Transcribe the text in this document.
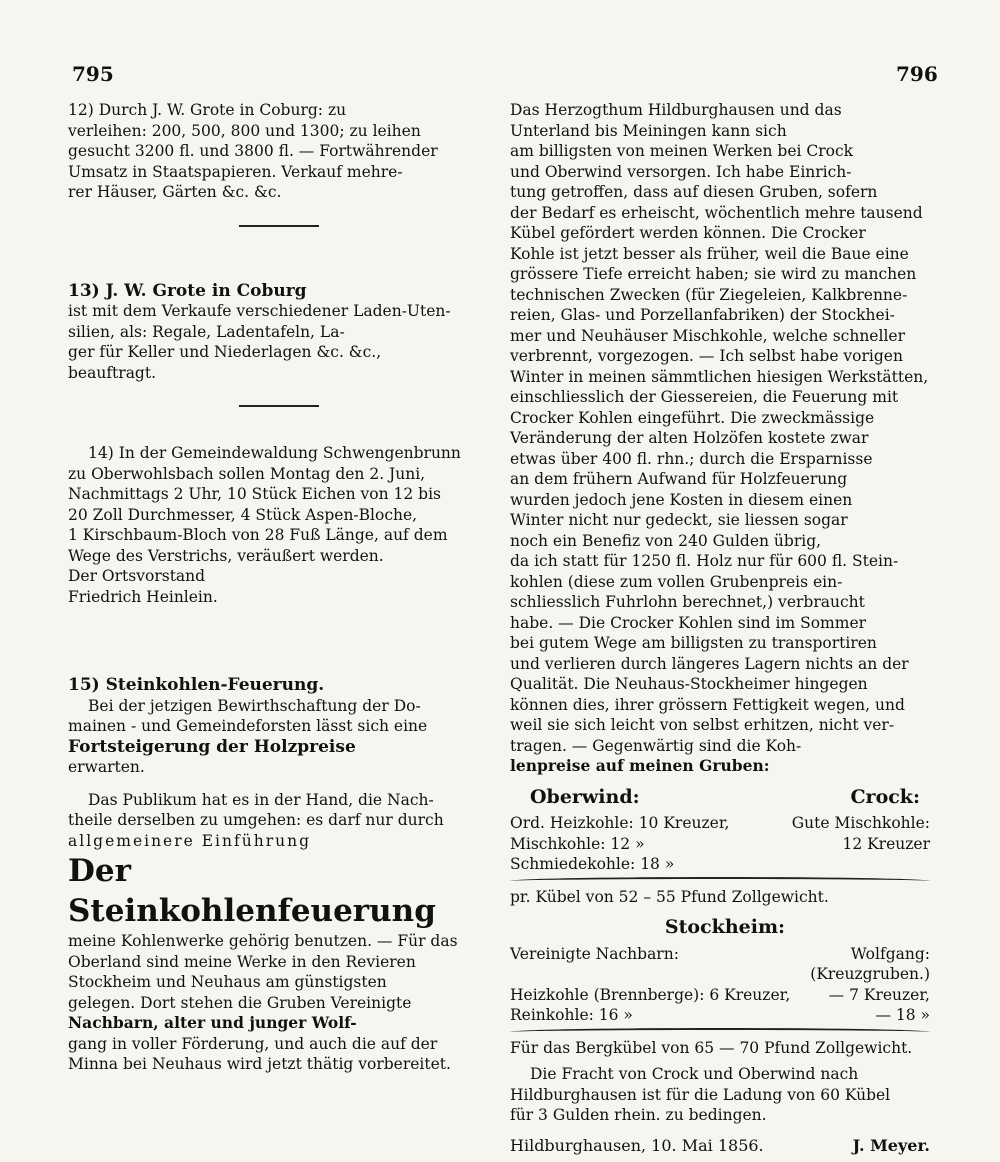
795	796

12) Durch J. W. Grote in Coburg: zu

verleihen: 200, 500, 800 und 1300; zu leihen

gesucht 3200 fl. und 3800 fl. — Fortwährender

Umsatz in Staatspapieren. Verkauf mehre-

rer Häuser, Gärten &c. &c.

13) J. W. Grote in Coburg

ist mit dem Verkaufe verschiedener Laden-Uten-

silien, als: Regale, Ladentafeln, La-

ger für Keller und Niederlagen &c. &c.,

beauftragt.

14) In der Gemeindewaldung Schwengenbrunn

zu Oberwohlsbach sollen Montag den 2. Juni,

Nachmittags 2 Uhr, 10 Stück Eichen von 12 bis

20 Zoll Durchmesser, 4 Stück Aspen-Bloche,

1 Kirschbaum-Bloch von 28 Fuß Länge, auf dem

Wege des Verstrichs, veräußert werden.

Der Ortsvorstand

Friedrich Heinlein.

15) Steinkohlen-Feuerung.

Bei der jetzigen Bewirthschaftung der Do-

mainen - und Gemeindeforsten lässt sich eine

Fortsteigerung der Holzpreise

erwarten.

Das Publikum hat es in der Hand, die Nach-

theile derselben zu umgehen: es darf nur durch

allgemeinere Einführung

Der Steinkohlenfeuerung

meine Kohlenwerke gehörig benutzen. — Für das

Oberland sind meine Werke in den Revieren

Stockheim und Neuhaus am günstigsten

gelegen. Dort stehen die Gruben Vereinigte

Nachbarn, alter und junger Wolf-

gang in voller Förderung, und auch die auf der

Minna bei Neuhaus wird jetzt thätig vorbereitet.

Das Herzogthum Hildburghausen und das

Unterland bis Meiningen kann sich

am billigsten von meinen Werken bei Crock

und Oberwind versorgen. Ich habe Einrich-

tung getroffen, dass auf diesen Gruben, sofern

der Bedarf es erheischt, wöchentlich mehre tausend

Kübel gefördert werden können. Die Crocker

Kohle ist jetzt besser als früher, weil die Baue eine

grössere Tiefe erreicht haben; sie wird zu manchen

technischen Zwecken (für Ziegeleien, Kalkbrenne-

reien, Glas- und Porzellanfabriken) der Stockhei-

mer und Neuhäuser Mischkohle, welche schneller

verbrennt, vorgezogen. — Ich selbst habe vorigen

Winter in meinen sämmtlichen hiesigen Werkstätten,

einschliesslich der Giessereien, die Feuerung mit

Crocker Kohlen eingeführt. Die zweckmässige

Veränderung der alten Holzöfen kostete zwar

etwas über 400 fl. rhn.; durch die Ersparnisse

an dem frühern Aufwand für Holzfeuerung

wurden jedoch jene Kosten in diesem einen

Winter nicht nur gedeckt, sie liessen sogar

noch ein Benefiz von 240 Gulden übrig,

da ich statt für 1250 fl. Holz nur für 600 fl. Stein-

kohlen (diese zum vollen Grubenpreis ein-

schliesslich Fuhrlohn berechnet,) verbraucht

habe. — Die Crocker Kohlen sind im Sommer

bei gutem Wege am billigsten zu transportiren

und verlieren durch längeres Lagern nichts an der

Qualität. Die Neuhaus-Stockheimer hingegen

können dies, ihrer grössern Fettigkeit wegen, und

weil sie sich leicht von selbst erhitzen, nicht ver-

tragen. — Gegenwärtig sind die Koh-

lenpreise auf meinen Gruben:

Oberwind:	Crock:
Ord. Heizkohle: 10 Kreuzer,	Gute Mischkohle:
Mischkohle: 12 »	12 Kreuzer
Schmiedekohle: 18 »

pr. Kübel von 52 – 55 Pfund Zollgewicht.

Stockheim:
Vereinigte Nachbarn:	Wolfgang:
(Kreuzgruben.)
Heizkohle (Brennberge): 6 Kreuzer,	— 7 Kreuzer,
Reinkohle: 16 »	— 18 »

Für das Bergkübel von 65 — 70 Pfund Zollgewicht.

Die Fracht von Crock und Oberwind nach

Hildburghausen ist für die Ladung von 60 Kübel

für 3 Gulden rhein. zu bedingen.

Hildburghausen, 10. Mai 1856.	J. Meyer.
